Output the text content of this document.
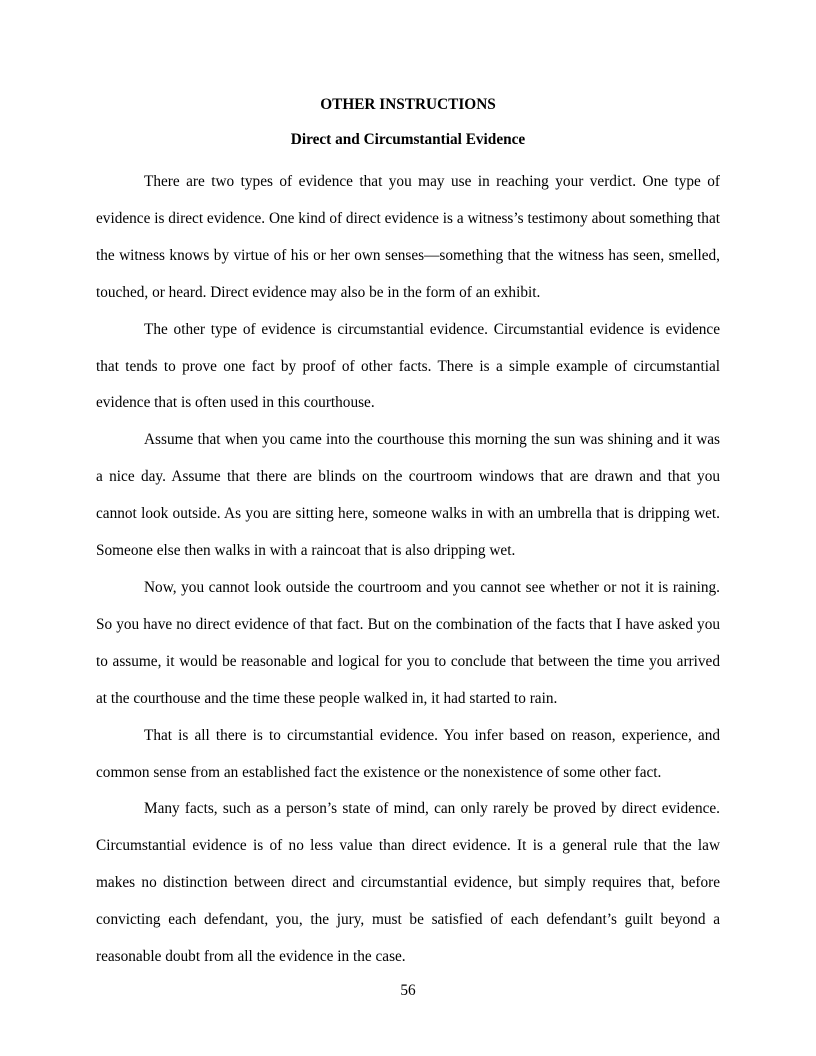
OTHER INSTRUCTIONS
Direct and Circumstantial Evidence

There are two types of evidence that you may use in reaching your verdict. One type of evidence is direct evidence. One kind of direct evidence is a witness’s testimony about something that the witness knows by virtue of his or her own senses—something that the witness has seen, smelled, touched, or heard. Direct evidence may also be in the form of an exhibit.

The other type of evidence is circumstantial evidence. Circumstantial evidence is evidence that tends to prove one fact by proof of other facts. There is a simple example of circumstantial evidence that is often used in this courthouse.

Assume that when you came into the courthouse this morning the sun was shining and it was a nice day. Assume that there are blinds on the courtroom windows that are drawn and that you cannot look outside. As you are sitting here, someone walks in with an umbrella that is dripping wet. Someone else then walks in with a raincoat that is also dripping wet.

Now, you cannot look outside the courtroom and you cannot see whether or not it is raining. So you have no direct evidence of that fact. But on the combination of the facts that I have asked you to assume, it would be reasonable and logical for you to conclude that between the time you arrived at the courthouse and the time these people walked in, it had started to rain.

That is all there is to circumstantial evidence. You infer based on reason, experience, and common sense from an established fact the existence or the nonexistence of some other fact.

Many facts, such as a person’s state of mind, can only rarely be proved by direct evidence. Circumstantial evidence is of no less value than direct evidence. It is a general rule that the law makes no distinction between direct and circumstantial evidence, but simply requires that, before convicting each defendant, you, the jury, must be satisfied of each defendant’s guilt beyond a reasonable doubt from all the evidence in the case.

56
